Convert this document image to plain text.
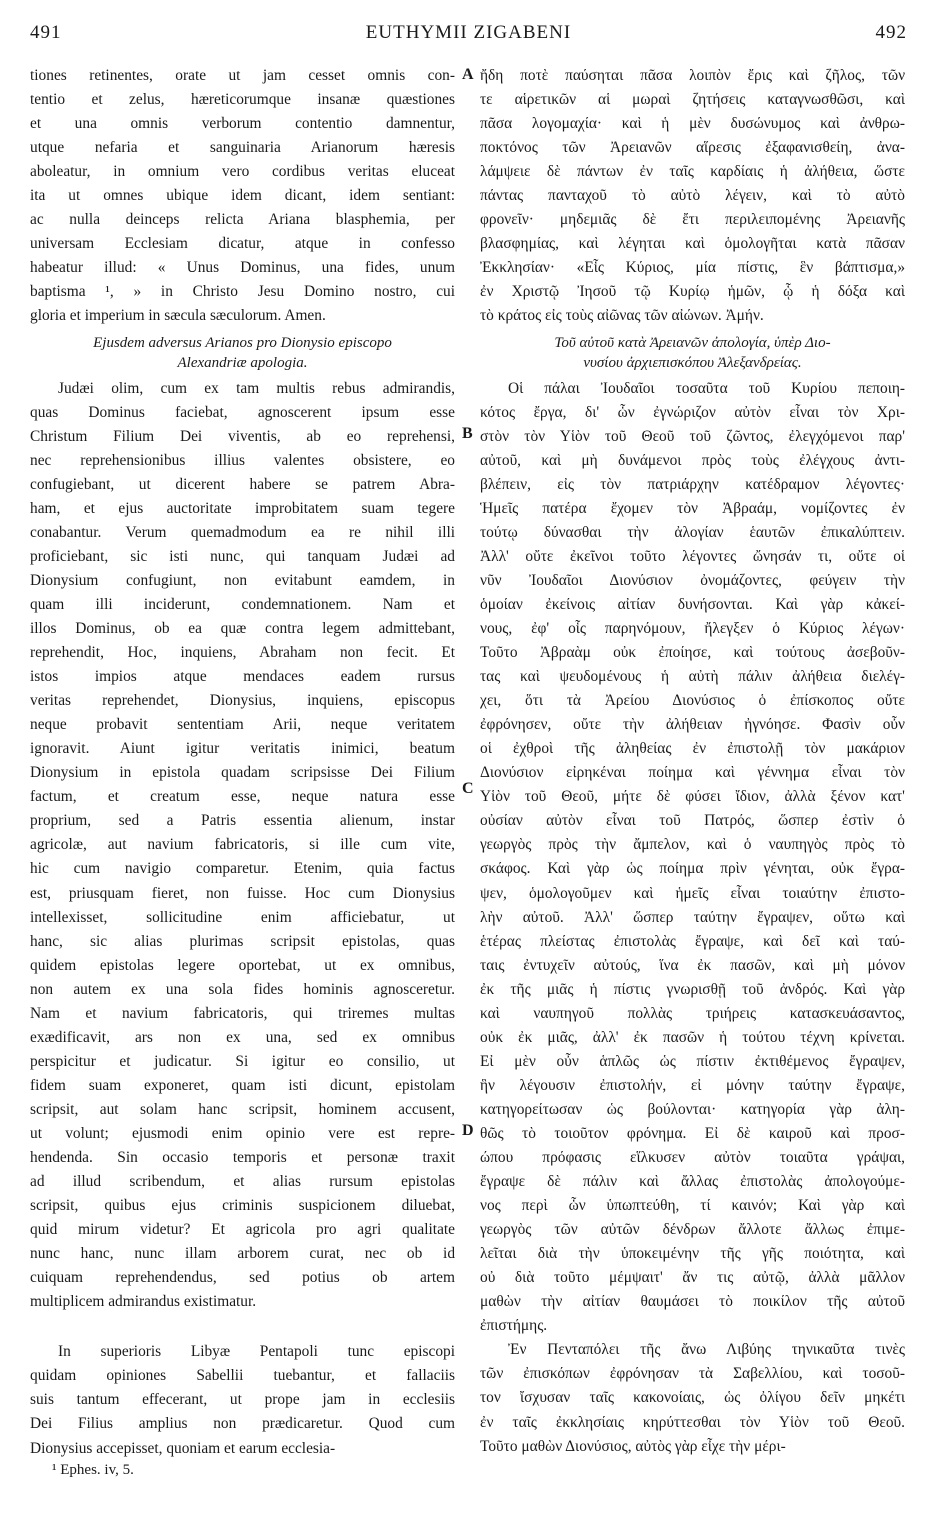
491	EUTHYMII ZIGABENI	492
A
B
C
D
tiones retinentes, orate ut jam cesset omnis con-
tentio et zelus, hæreticorumque insanæ quæstiones
et una omnis verborum contentio damnentur,
utque nefaria et sanguinaria Arianorum hæresis
aboleatur, in omnium vero cordibus veritas eluceat
ita ut omnes ubique idem dicant, idem sentiant:
ac nulla deinceps relicta Ariana blasphemia, per
universam Ecclesiam dicatur, atque in confesso
habeatur illud: « Unus Dominus, una fides, unum
baptisma ¹, » in Christo Jesu Domino nostro, cui
gloria et imperium in sæcula sæculorum. Amen.
Ejusdem adversus Arianos pro Dionysio episcopo
Alexandriæ apologia.
Judæi olim, cum ex tam multis rebus admirandis,
quas Dominus faciebat, agnoscerent ipsum esse
Christum Filium Dei viventis, ab eo reprehensi,
nec reprehensionibus illius valentes obsistere, eo
confugiebant, ut dicerent habere se patrem Abra-
ham, et ejus auctoritate improbitatem suam tegere
conabantur. Verum quemadmodum ea re nihil illi
proficiebant, sic isti nunc, qui tanquam Judæi ad
Dionysium confugiunt, non evitabunt eamdem, in
quam illi inciderunt, condemnationem. Nam et
illos Dominus, ob ea quæ contra legem admittebant,
reprehendit, Hoc, inquiens, Abraham non fecit. Et
istos impios atque mendaces eadem rursus
veritas reprehendet, Dionysius, inquiens, episcopus
neque probavit sententiam Arii, neque veritatem
ignoravit. Aiunt igitur veritatis inimici, beatum
Dionysium in epistola quadam scripsisse Dei Filium
factum, et creatum esse, neque natura esse
proprium, sed a Patris essentia alienum, instar
agricolæ, aut navium fabricatoris, si ille cum vite,
hic cum navigio comparetur. Etenim, quia factus
est, priusquam fieret, non fuisse. Hoc cum Dionysius
intellexisset, sollicitudine enim afficiebatur, ut
hanc, sic alias plurimas scripsit epistolas, quas
quidem epistolas legere oportebat, ut ex omnibus,
non autem ex una sola fides hominis agnosceretur.
Nam et navium fabricatoris, qui triremes multas
exædificavit, ars non ex una, sed ex omnibus
perspicitur et judicatur. Si igitur eo consilio, ut
fidem suam exponeret, quam isti dicunt, epistolam
scripsit, aut solam hanc scripsit, hominem accusent,
ut volunt; ejusmodi enim opinio vere est repre-
hendenda. Sin occasio temporis et personæ traxit
ad illud scribendum, et alias rursum epistolas
scripsit, quibus ejus criminis suspicionem diluebat,
quid mirum videtur? Et agricola pro agri qualitate
nunc hanc, nunc illam arborem curat, nec ob id
cuiquam reprehendendus, sed potius ob artem
multiplicem admirandus existimatur.
In superioris Libyæ Pentapoli tunc episcopi
quidam opiniones Sabellii tuebantur, et fallaciis
suis tantum effecerant, ut prope jam in ecclesiis
Dei Filius amplius non prædicaretur. Quod cum
Dionysius accepisset, quoniam et earum ecclesia-
ἤδη ποτὲ παύσηται πᾶσα λοιπὸν ἔρις καὶ ζῆλος, τῶν
τε αἱρετικῶν αἱ μωραὶ ζητήσεις καταγνωσθῶσι, καὶ
πᾶσα λογομαχία· καὶ ἡ μὲν δυσώνυμος καὶ ἀνθρω-
ποκτόνος τῶν Ἀρειανῶν αἵρεσις ἐξαφανισθείη, ἀνα-
λάμψειε δὲ πάντων ἐν ταῖς καρδίαις ἡ ἀλήθεια, ὥστε
πάντας πανταχοῦ τὸ αὐτὸ λέγειν, καὶ τὸ αὐτὸ
φρονεῖν· μηδεμιᾶς δὲ ἔτι περιλειπομένης Ἀρειανῆς
βλασφημίας, καὶ λέγηται καὶ ὁμολογῆται κατὰ πᾶσαν
Ἐκκλησίαν· «Εἷς Κύριος, μία πίστις, ἓν βάπτισμα,»
ἐν Χριστῷ Ἰησοῦ τῷ Κυρίῳ ἡμῶν, ᾧ ἡ δόξα καὶ
τὸ κράτος εἰς τοὺς αἰῶνας τῶν αἰώνων. Ἀμήν.
Τοῦ αὐτοῦ κατὰ Ἀρειανῶν ἀπολογία, ὑπὲρ Διο-
νυσίου ἀρχιεπισκόπου Ἀλεξανδρείας.
Οἱ πάλαι Ἰουδαῖοι τοσαῦτα τοῦ Κυρίου πεποιη-
κότος ἔργα, δι' ὧν ἐγνώριζον αὐτὸν εἶναι τὸν Χρι-
στὸν τὸν Υἱὸν τοῦ Θεοῦ τοῦ ζῶντος, ἐλεγχόμενοι παρ'
αὐτοῦ, καὶ μὴ δυνάμενοι πρὸς τοὺς ἐλέγχους ἀντι-
βλέπειν, εἰς τὸν πατριάρχην κατέδραμον λέγοντες·
Ἡμεῖς πατέρα ἔχομεν τὸν Ἀβραάμ, νομίζοντες ἐν
τούτῳ δύνασθαι τὴν ἀλογίαν ἑαυτῶν ἐπικαλύπτειν.
Ἀλλ' οὔτε ἐκεῖνοι τοῦτο λέγοντες ὤνησάν τι, οὔτε οἱ
νῦν Ἰουδαῖοι Διονύσιον ὀνομάζοντες, φεύγειν τὴν
ὁμοίαν ἐκείνοις αἰτίαν δυνήσονται. Καὶ γὰρ κἀκεί-
νους, ἐφ' οἷς παρηνόμουν, ἤλεγξεν ὁ Κύριος λέγων·
Τοῦτο Ἀβραὰμ οὐκ ἐποίησε, καὶ τούτους ἀσεβοῦν-
τας καὶ ψευδομένους ἡ αὐτὴ πάλιν ἀλήθεια διελέγ-
χει, ὅτι τὰ Ἀρείου Διονύσιος ὁ ἐπίσκοπος οὔτε
ἐφρόνησεν, οὔτε τὴν ἀλήθειαν ἠγνόησε. Φασὶν οὖν
οἱ ἐχθροὶ τῆς ἀληθείας ἐν ἐπιστολῇ τὸν μακάριον
Διονύσιον εἰρηκέναι ποίημα καὶ γέννημα εἶναι τὸν
Υἱὸν τοῦ Θεοῦ, μήτε δὲ φύσει ἴδιον, ἀλλὰ ξένον κατ'
οὐσίαν αὐτὸν εἶναι τοῦ Πατρός, ὥσπερ ἐστὶν ὁ
γεωργὸς πρὸς τὴν ἄμπελον, καὶ ὁ ναυπηγὸς πρὸς τὸ
σκάφος. Καὶ γὰρ ὡς ποίημα πρὶν γένηται, οὐκ ἔγρα-
ψεν, ὁμολογοῦμεν καὶ ἡμεῖς εἶναι τοιαύτην ἐπιστο-
λὴν αὐτοῦ. Ἀλλ' ὥσπερ ταύτην ἔγραψεν, οὕτω καὶ
ἑτέρας πλείστας ἐπιστολὰς ἔγραψε, καὶ δεῖ καὶ ταύ-
ταις ἐντυχεῖν αὐτούς, ἵνα ἐκ πασῶν, καὶ μὴ μόνον
ἐκ τῆς μιᾶς ἡ πίστις γνωρισθῇ τοῦ ἀνδρός. Καὶ γὰρ
καὶ ναυπηγοῦ πολλὰς τριήρεις κατασκευάσαντος,
οὐκ ἐκ μιᾶς, ἀλλ' ἐκ πασῶν ἡ τούτου τέχνη κρίνεται.
Εἰ μὲν οὖν ἁπλῶς ὡς πίστιν ἐκτιθέμενος ἔγραψεν,
ἣν λέγουσιν ἐπιστολήν, εἰ μόνην ταύτην ἔγραψε,
κατηγορείτωσαν ὡς βούλονται· κατηγορία γὰρ ἀλη-
θῶς τὸ τοιοῦτον φρόνημα. Εἰ δὲ καιροῦ καὶ προσ-
ώπου πρόφασις εἵλκυσεν αὐτὸν τοιαῦτα γράψαι,
ἔγραψε δὲ πάλιν καὶ ἄλλας ἐπιστολὰς ἀπολογούμε-
νος περὶ ὧν ὑπωπτεύθη, τί καινόν; Καὶ γὰρ καὶ
γεωργὸς τῶν αὐτῶν δένδρων ἄλλοτε ἄλλως ἐπιμε-
λεῖται διὰ τὴν ὑποκειμένην τῆς γῆς ποιότητα, καὶ
οὐ διὰ τοῦτο μέμψαιτ' ἄν τις αὐτῷ, ἀλλὰ μᾶλλον
μαθὼν τὴν αἰτίαν θαυμάσει τὸ ποικίλον τῆς αὐτοῦ
ἐπιστήμης.
Ἐν Πενταπόλει τῆς ἄνω Λιβύης τηνικαῦτα τινὲς
τῶν ἐπισκόπων ἐφρόνησαν τὰ Σαβελλίου, καὶ τοσοῦ-
τον ἴσχυσαν ταῖς κακονοίαις, ὡς ὀλίγου δεῖν μηκέτι
ἐν ταῖς ἐκκλησίαις κηρύττεσθαι τὸν Υἱὸν τοῦ Θεοῦ.
Τοῦτο μαθὼν Διονύσιος, αὐτὸς γὰρ εἶχε τὴν μέρι-
¹ Ephes. iv, 5.
